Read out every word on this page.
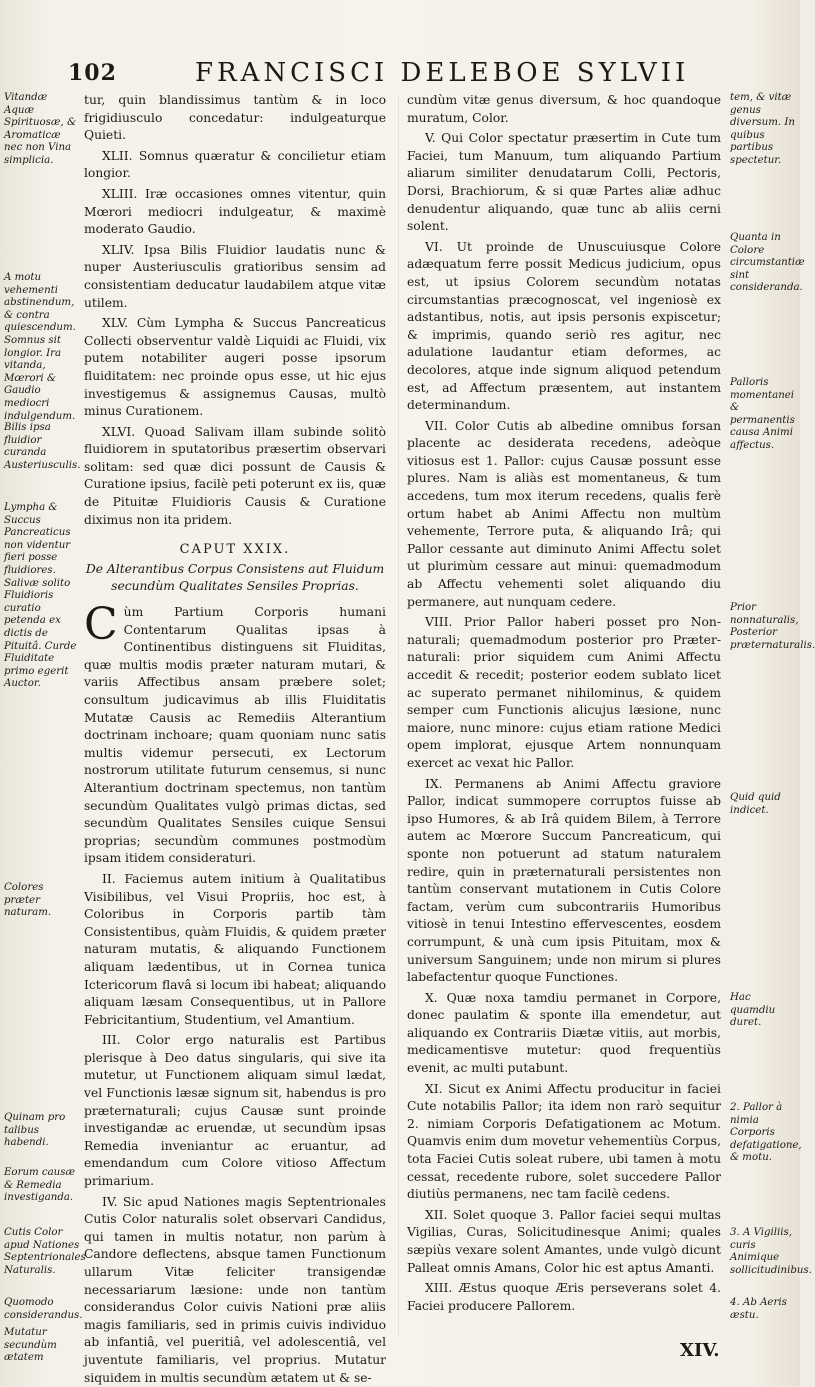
102	FRANCISCI DELEBOE SYLVII
Vitandæ Aquæ Spirituosæ, & Aromaticæ nec non Vina simplicia.
A motu vehementi abstinendum, & contra quiescendum. Somnus sit longior. Ira vitanda, Mœrori & Gaudio mediocri indulgendum.
Bilis ipsa fluidior curanda Austeriusculis.
Lympha & Succus Pancreaticus non videntur fieri posse fluidiores. Salivæ solito Fluidioris curatio petenda ex dictis de Pituitâ. Curde Fluiditate primo egerit Auctor.
Colores præter naturam.
Quinam pro talibus habendi.
Eorum causæ & Remedia investiganda.
Cutis Color apud Nationes Septentrionales Naturalis.
Quomodo considerandus.
Mutatur secundùm ætatem

tur, quin blandissimus tantùm & in loco frigidiusculo concedatur: indulgeaturque Quieti.

XLII. Somnus quæratur & concilietur etiam longior.

XLIII. Iræ occasiones omnes vitentur, quin Mœrori mediocri indulgeatur, & maximè moderato Gaudio.

XLIV. Ipsa Bilis Fluidior laudatis nunc & nuper Austeriusculis gratioribus sensim ad consistentiam deducatur laudabilem atque vitæ utilem.

XLV. Cùm Lympha & Succus Pancreaticus Collecti observentur valdè Liquidi ac Fluidi, vix putem notabiliter augeri posse ipsorum fluiditatem: nec proinde opus esse, ut hic ejus investigemus & assignemus Causas, multò minus Curationem.

XLVI. Quoad Salivam illam subinde solitò fluidiorem in sputatoribus præsertim observari solitam: sed quæ dici possunt de Causis & Curatione ipsius, facilè peti poterunt ex iis, quæ de Pituitæ Fluidioris Causis & Curatione diximus non ita pridem.

CAPUT XXIX.
De Alterantibus Corpus Consistens aut Fluidum secundùm Qualitates Sensiles Proprias.

Cùm Partium Corporis humani Contentarum Qualitas ipsas à Continentibus distinguens sit Fluiditas, quæ multis modis præter naturam mutari, & variis Affectibus ansam præbere solet; consultum judicavimus ab illis Fluiditatis Mutatæ Causis ac Remediis Alterantium doctrinam inchoare; quam quoniam nunc satis multis videmur persecuti, ex Lectorum nostrorum utilitate futurum censemus, si nunc Alterantium doctrinam spectemus, non tantùm secundùm Qualitates vulgò primas dictas, sed secundùm Qualitates Sensiles cuique Sensui proprias; secundùm communes postmodùm ipsam itidem consideraturi.

II. Faciemus autem initium à Qualitatibus Visibilibus, vel Visui Propriis, hoc est, à Coloribus in Corporis partib tàm Consistentibus, quàm Fluidis, & quidem præter naturam mutatis, & aliquando Functionem aliquam lædentibus, ut in Cornea tunica Ictericorum flavâ si locum ibi habeat; aliquando aliquam læsam Consequentibus, ut in Pallore Febricitantium, Studentium, vel Amantium.

III. Color ergo naturalis est Partibus plerisque à Deo datus singularis, qui sive ita mutetur, ut Functionem aliquam simul lædat, vel Functionis læsæ signum sit, habendus is pro præternaturali; cujus Causæ sunt proinde investigandæ ac eruendæ, ut secundùm ipsas Remedia inveniantur ac eruantur, ad emendandum cum Colore vitioso Affectum primarium.

IV. Sic apud Nationes magis Septentrionales Cutis Color naturalis solet observari Candidus, qui tamen in multis notatur, non parùm à Candore deflectens, absque tamen Functionum ullarum Vitæ feliciter transigendæ necessariarum læsione: unde non tantùm considerandus Color cuivis Nationi præ aliis magis familiaris, sed in primis cuivis individuo ab infantiâ, vel pueritiâ, vel adolescentiâ, vel juventute familiaris, vel proprius. Mutatur siquidem in multis secundùm ætatem ut & se-

cundùm vitæ genus diversum, & hoc quandoque muratum, Color.

V. Qui Color spectatur præsertim in Cute tum Faciei, tum Manuum, tum aliquando Partium aliarum similiter denudatarum Colli, Pectoris, Dorsi, Brachiorum, & si quæ Partes aliæ adhuc denudentur aliquando, quæ tunc ab aliis cerni solent.

VI. Ut proinde de Unuscuiusque Colore adæquatum ferre possit Medicus judicium, opus est, ut ipsius Colorem secundùm notatas circumstantias præcognoscat, vel ingeniosè ex adstantibus, notis, aut ipsis personis expiscetur; & imprimis, quando seriò res agitur, nec adulatione laudantur etiam deformes, ac decolores, atque inde signum aliquod petendum est, ad Affectum præsentem, aut instantem determinandum.

VII. Color Cutis ab albedine omnibus forsan placente ac desiderata recedens, adeòque vitiosus est 1. Pallor: cujus Causæ possunt esse plures. Nam is aliàs est momentaneus, & tum accedens, tum mox iterum recedens, qualis ferè ortum habet ab Animi Affectu non multùm vehemente, Terrore puta, & aliquando Irâ; qui Pallor cessante aut diminuto Animi Affectu solet ut plurimùm cessare aut minui: quemadmodum ab Affectu vehementi solet aliquando diu permanere, aut nunquam cedere.

VIII. Prior Pallor haberi posset pro Non-naturali; quemadmodum posterior pro Præter-naturali: prior siquidem cum Animi Affectu accedit & recedit; posterior eodem sublato licet ac superato permanet nihilominus, & quidem semper cum Functionis alicujus læsione, nunc maiore, nunc minore: cujus etiam ratione Medici opem implorat, ejusque Artem nonnunquam exercet ac vexat hic Pallor.

IX. Permanens ab Animi Affectu graviore Pallor, indicat summopere corruptos fuisse ab ipso Humores, & ab Irâ quidem Bilem, à Terrore autem ac Mœrore Succum Pancreaticum, qui sponte non potuerunt ad statum naturalem redire, quin in præternaturali persistentes non tantùm conservant mutationem in Cutis Colore factam, verùm cum subcontrariis Humoribus vitiosè in tenui Intestino effervescentes, eosdem corrumpunt, & unà cum ipsis Pituitam, mox & universum Sanguinem; unde non mirum si plures labefactentur quoque Functiones.

X. Quæ noxa tamdiu permanet in Corpore, donec paulatim & sponte illa emendetur, aut aliquando ex Contrariis Diætæ vitiis, aut morbis, medicamentisve mutetur: quod frequentiùs evenit, ac multi putabunt.

XI. Sicut ex Animi Affectu producitur in faciei Cute notabilis Pallor; ita idem non rarò sequitur 2. nimiam Corporis Defatigationem ac Motum. Quamvis enim dum movetur vehementiùs Corpus, tota Faciei Cutis soleat rubere, ubi tamen à motu cessat, recedente rubore, solet succedere Pallor diutiùs permanens, nec tam facilè cedens.

XII. Solet quoque 3. Pallor faciei sequi multas Vigilias, Curas, Solicitudinesque Animi; quales sæpiùs vexare solent Amantes, unde vulgò dicunt Palleat omnis Amans, Color hic est aptus Amanti.

XIII. Æstus quoque Æris perseverans solet 4. Faciei producere Pallorem.

tem, & vitæ genus diversum. In quibus partibus spectetur.
Quanta in Colore circumstantiæ sint consideranda.
Palloris momentanei & permanentis causa Animi affectus.
Prior nonnaturalis, Posterior præternaturalis.
Quid quid indicet.
Hac quamdiu duret.
2. Pallor à nimia Corporis defatigatione, & motu.
3. A Vigiliis, curis Animique sollicitudinibus.
4. Ab Aeris æstu.
XIV.
